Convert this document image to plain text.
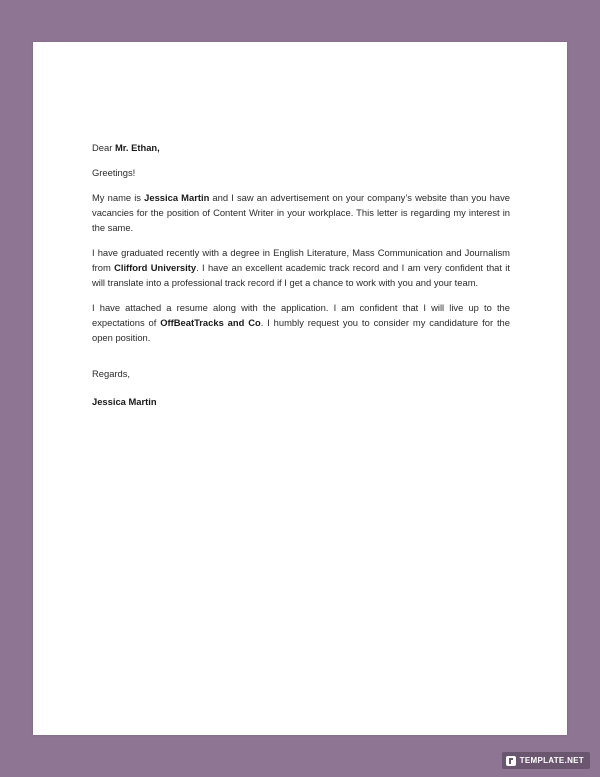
Dear Mr. Ethan,

Greetings!

My name is Jessica Martin and I saw an advertisement on your company’s website than you have vacancies for the position of Content Writer in your workplace. This letter is regarding my interest in the same.

I have graduated recently with a degree in English Literature, Mass Communication and Journalism from Clifford University. I have an excellent academic track record and I am very confident that it will translate into a professional track record if I get a chance to work with you and your team.

I have attached a resume along with the application. I am confident that I will live up to the expectations of OffBeatTracks and Co. I humbly request you to consider my candidature for the open position.

Regards,

Jessica Martin

TEMPLATE.NET
